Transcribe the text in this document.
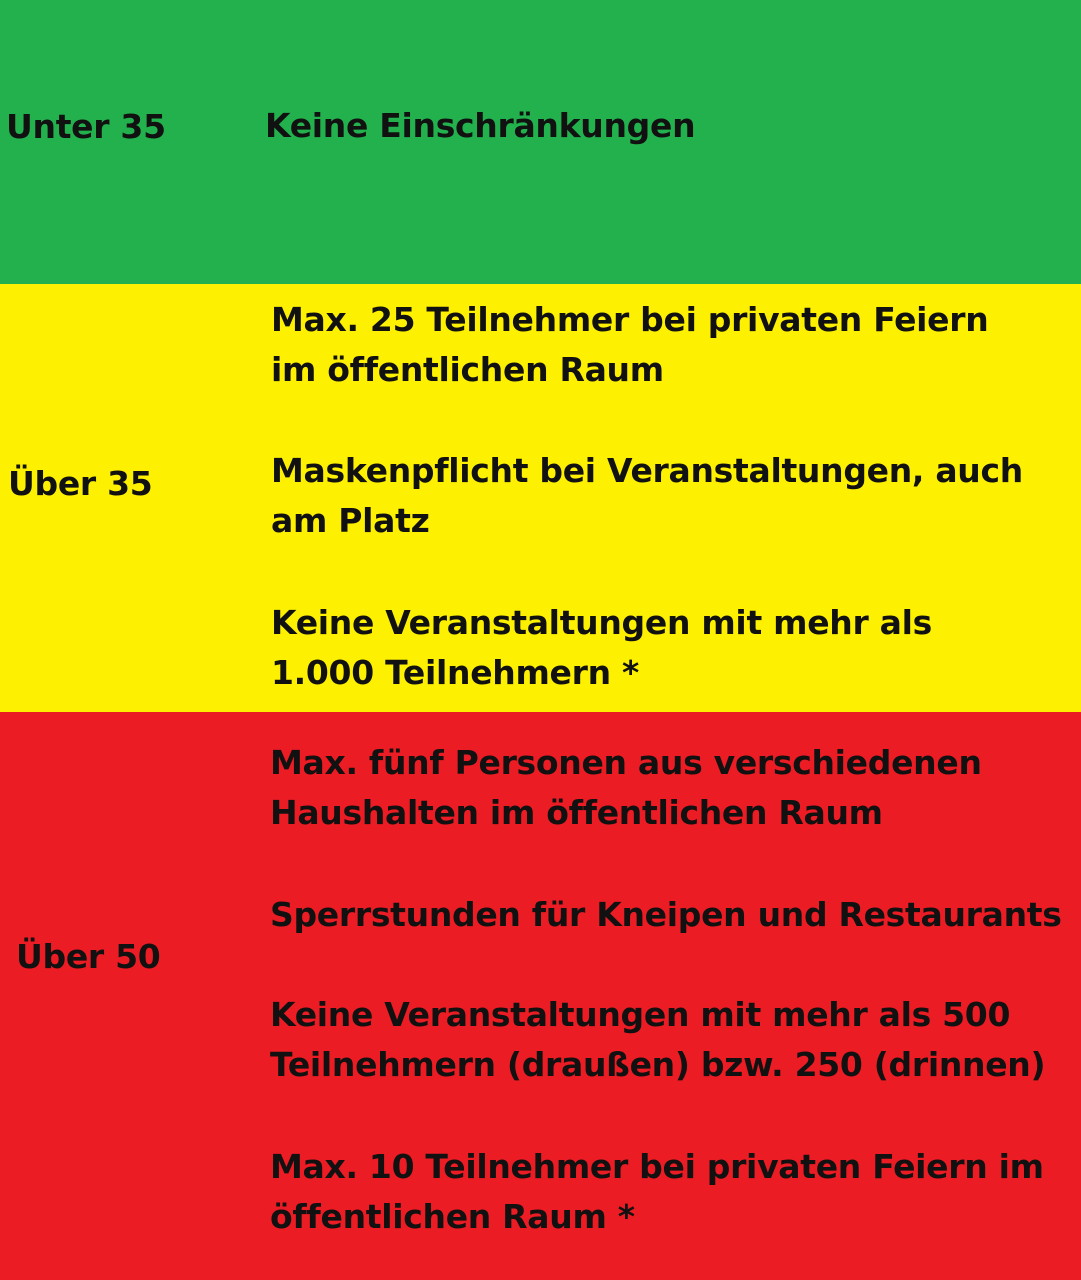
Unter 35	Keine Einschränkungen
Über 35
Max. 25 Teilnehmer bei privaten Feiern
im öffentlichen Raum
Maskenpflicht bei Veranstaltungen, auch
am Platz
Keine Veranstaltungen mit mehr als
1.000 Teilnehmern *
Über 50
Max. fünf Personen aus verschiedenen
Haushalten im öffentlichen Raum
Sperrstunden für Kneipen und Restaurants
Keine Veranstaltungen mit mehr als 500
Teilnehmern (draußen) bzw. 250 (drinnen)
Max. 10 Teilnehmer bei privaten Feiern im
öffentlichen Raum *
